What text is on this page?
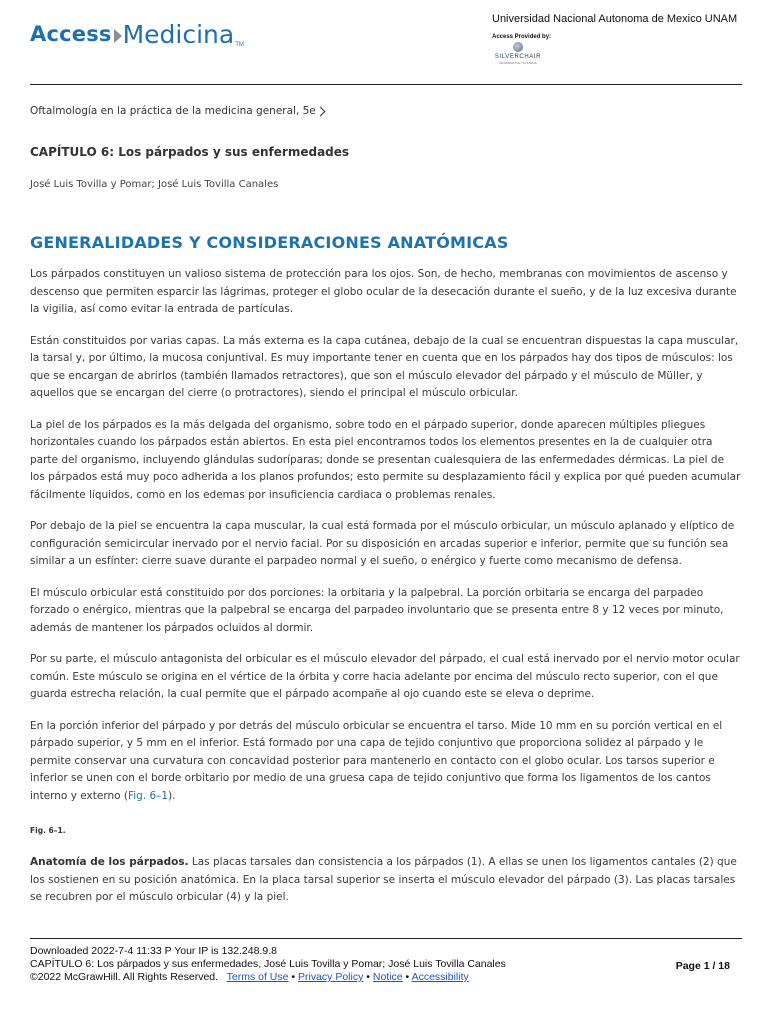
Access Medicina TM
Universidad Nacional Autonoma de Mexico UNAM
Access Provided by:
SILVERCHAIR
INFORMATION / SYSTEMS
Oftalmología en la práctica de la medicina general, 5e
CAPÍTULO 6: Los párpados y sus enfermedades
José Luis Tovilla y Pomar; José Luis Tovilla Canales
GENERALIDADES Y CONSIDERACIONES ANATÓMICAS

Los párpados constituyen un valioso sistema de protección para los ojos. Son, de hecho, membranas con movimientos de ascenso y descenso que permiten esparcir las lágrimas, proteger el globo ocular de la desecación durante el sueño, y de la luz excesiva durante la vigilia, así como evitar la entrada de partículas.

Están constituidos por varias capas. La más externa es la capa cutánea, debajo de la cual se encuentran dispuestas la capa muscular, la tarsal y, por último, la mucosa conjuntival. Es muy importante tener en cuenta que en los párpados hay dos tipos de músculos: los que se encargan de abrirlos (también llamados retractores), que son el músculo elevador del párpado y el músculo de Müller, y aquellos que se encargan del cierre (o protractores), siendo el principal el músculo orbicular.

La piel de los párpados es la más delgada del organismo, sobre todo en el párpado superior, donde aparecen múltiples pliegues horizontales cuando los párpados están abiertos. En esta piel encontramos todos los elementos presentes en la de cualquier otra parte del organismo, incluyendo glándulas sudoríparas; donde se presentan cualesquiera de las enfermedades dérmicas. La piel de los párpados está muy poco adherida a los planos profundos; esto permite su desplazamiento fácil y explica por qué pueden acumular fácilmente líquidos, como en los edemas por insuficiencia cardiaca o problemas renales.

Por debajo de la piel se encuentra la capa muscular, la cual está formada por el músculo orbicular, un músculo aplanado y elíptico de configuración semicircular inervado por el nervio facial. Por su disposición en arcadas superior e inferior, permite que su función sea similar a un esfínter: cierre suave durante el parpadeo normal y el sueño, o enérgico y fuerte como mecanismo de defensa.

El músculo orbicular está constituido por dos porciones: la orbitaria y la palpebral. La porción orbitaria se encarga del parpadeo forzado o enérgico, mientras que la palpebral se encarga del parpadeo involuntario que se presenta entre 8 y 12 veces por minuto, además de mantener los párpados ocluidos al dormir.

Por su parte, el músculo antagonista del orbicular es el músculo elevador del párpado, el cual está inervado por el nervio motor ocular común. Este músculo se origina en el vértice de la órbita y corre hacia adelante por encima del músculo recto superior, con el que guarda estrecha relación, la cual permite que el párpado acompañe al ojo cuando este se eleva o deprime.

En la porción inferior del párpado y por detrás del músculo orbicular se encuentra el tarso. Mide 10 mm en su porción vertical en el párpado superior, y 5 mm en el inferior. Está formado por una capa de tejido conjuntivo que proporciona solidez al párpado y le permite conservar una curvatura con concavidad posterior para mantenerlo en contacto con el globo ocular. Los tarsos superior e inferior se unen con el borde orbitario por medio de una gruesa capa de tejido conjuntivo que forma los ligamentos de los cantos interno y externo (Fig. 6–1).

Fig. 6–1.

Anatomía de los párpados. Las placas tarsales dan consistencia a los párpados (1). A ellas se unen los ligamentos cantales (2) que los sostienen en su posición anatómica. En la placa tarsal superior se inserta el músculo elevador del párpado (3). Las placas tarsales se recubren por el músculo orbicular (4) y la piel.

Downloaded 2022-7-4 11:33 P Your IP is 132.248.9.8
CAPÍTULO 6: Los párpados y sus enfermedades, José Luis Tovilla y Pomar; José Luis Tovilla Canales
©2022 McGrawHill. All Rights Reserved. Terms of Use • Privacy Policy • Notice • Accessibility
Page 1 / 18
